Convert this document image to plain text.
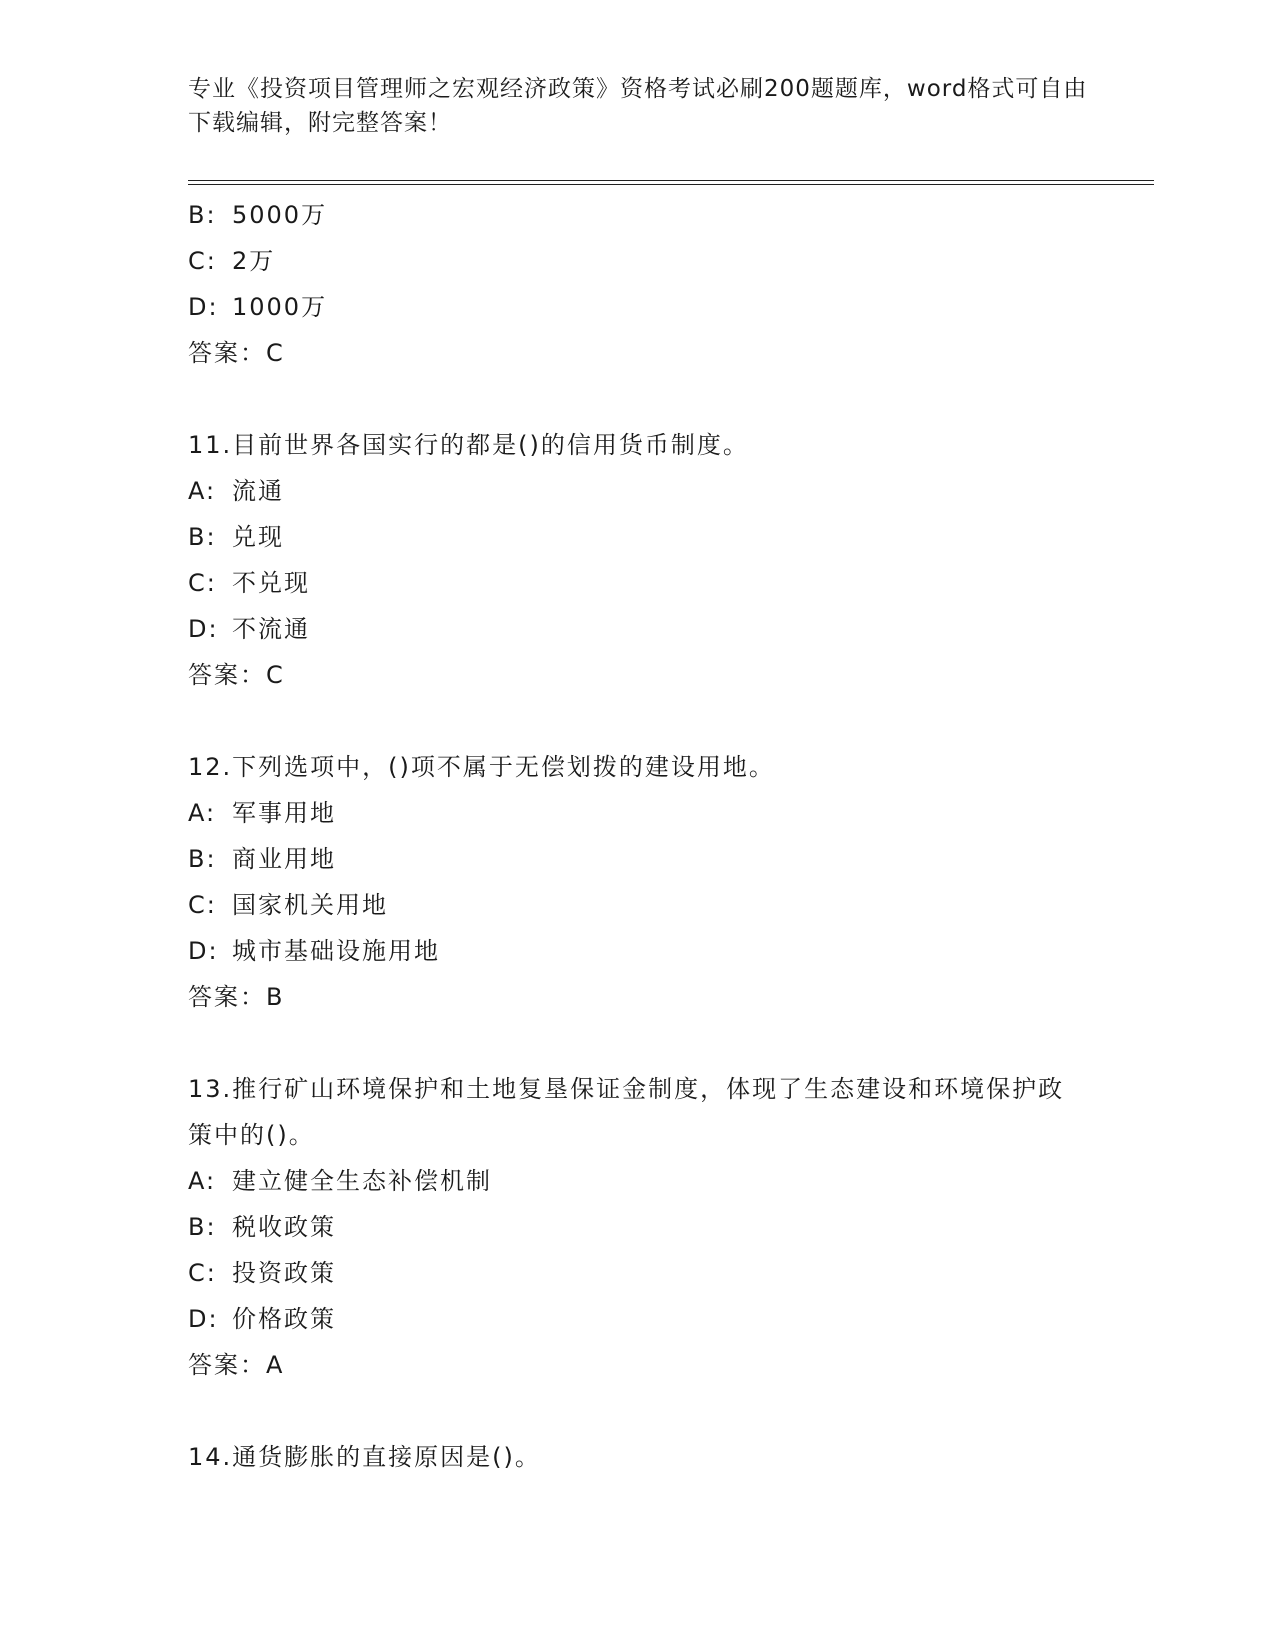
专业《投资项目管理师之宏观经济政策》资格考试必刷200题题库，word格式可自由下载编辑，附完整答案！
B: 5000万
C: 2万
D: 1000万
答案：C
11.目前世界各国实行的都是()的信用货币制度。
A: 流通
B: 兑现
C: 不兑现
D: 不流通
答案：C
12.下列选项中，()项不属于无偿划拨的建设用地。
A: 军事用地
B: 商业用地
C: 国家机关用地
D: 城市基础设施用地
答案：B
13.推行矿山环境保护和土地复垦保证金制度，体现了生态建设和环境保护政策中的()。
A: 建立健全生态补偿机制
B: 税收政策
C: 投资政策
D: 价格政策
答案：A
14.通货膨胀的直接原因是()。
